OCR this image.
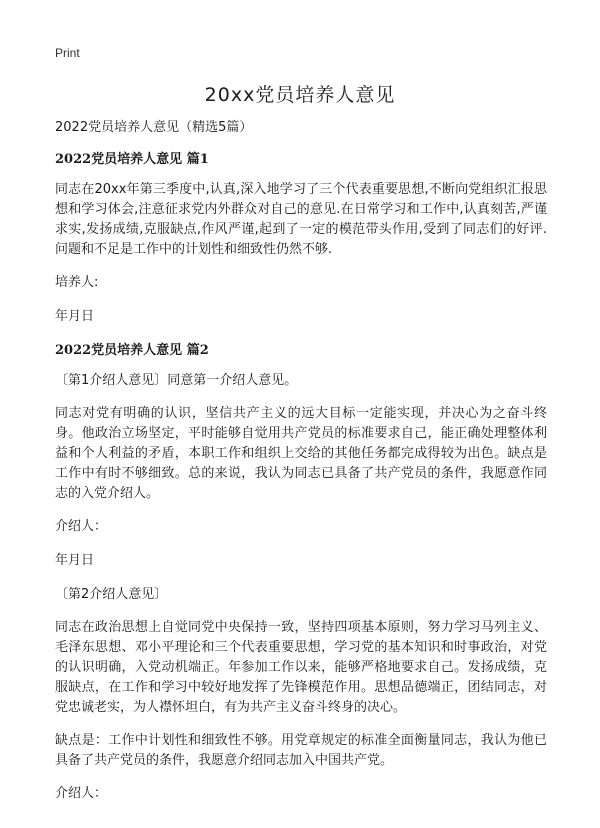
Print
20xx党员培养人意见

2022党员培养人意见（精选5篇）

2022党员培养人意见 篇1

同志在20xx年第三季度中,认真,深入地学习了三个代表重要思想,不断向党组织汇报思想和学习体会,注意征求党内外群众对自己的意见.在日常学习和工作中,认真刻苦,严谨求实,发扬成绩,克服缺点,作风严谨,起到了一定的模范带头作用,受到了同志们的好评.问题和不足是工作中的计划性和细致性仍然不够.

培养人:

年月日

2022党员培养人意见 篇2

〔第1介绍人意见〕同意第一介绍人意见。

同志对党有明确的认识，坚信共产主义的远大目标一定能实现，并决心为之奋斗终身。他政治立场坚定，平时能够自觉用共产党员的标准要求自己，能正确处理整体利益和个人利益的矛盾，本职工作和组织上交给的其他任务都完成得较为出色。缺点是工作中有时不够细致。总的来说，我认为同志已具备了共产党员的条件，我愿意作同志的入党介绍人。

介绍人：

年月日

〔第2介绍人意见〕

同志在政治思想上自觉同党中央保持一致，坚持四项基本原则，努力学习马列主义、毛泽东思想、邓小平理论和三个代表重要思想，学习党的基本知识和时事政治，对党的认识明确，入党动机端正。年参加工作以来，能够严格地要求自己。发扬成绩，克服缺点，在工作和学习中较好地发挥了先锋模范作用。思想品德端正，团结同志，对党忠诚老实，为人襟怀坦白，有为共产主义奋斗终身的决心。

缺点是：工作中计划性和细致性不够。用党章规定的标准全面衡量同志，我认为他已具备了共产党员的条件，我愿意介绍同志加入中国共产党。

介绍人：
